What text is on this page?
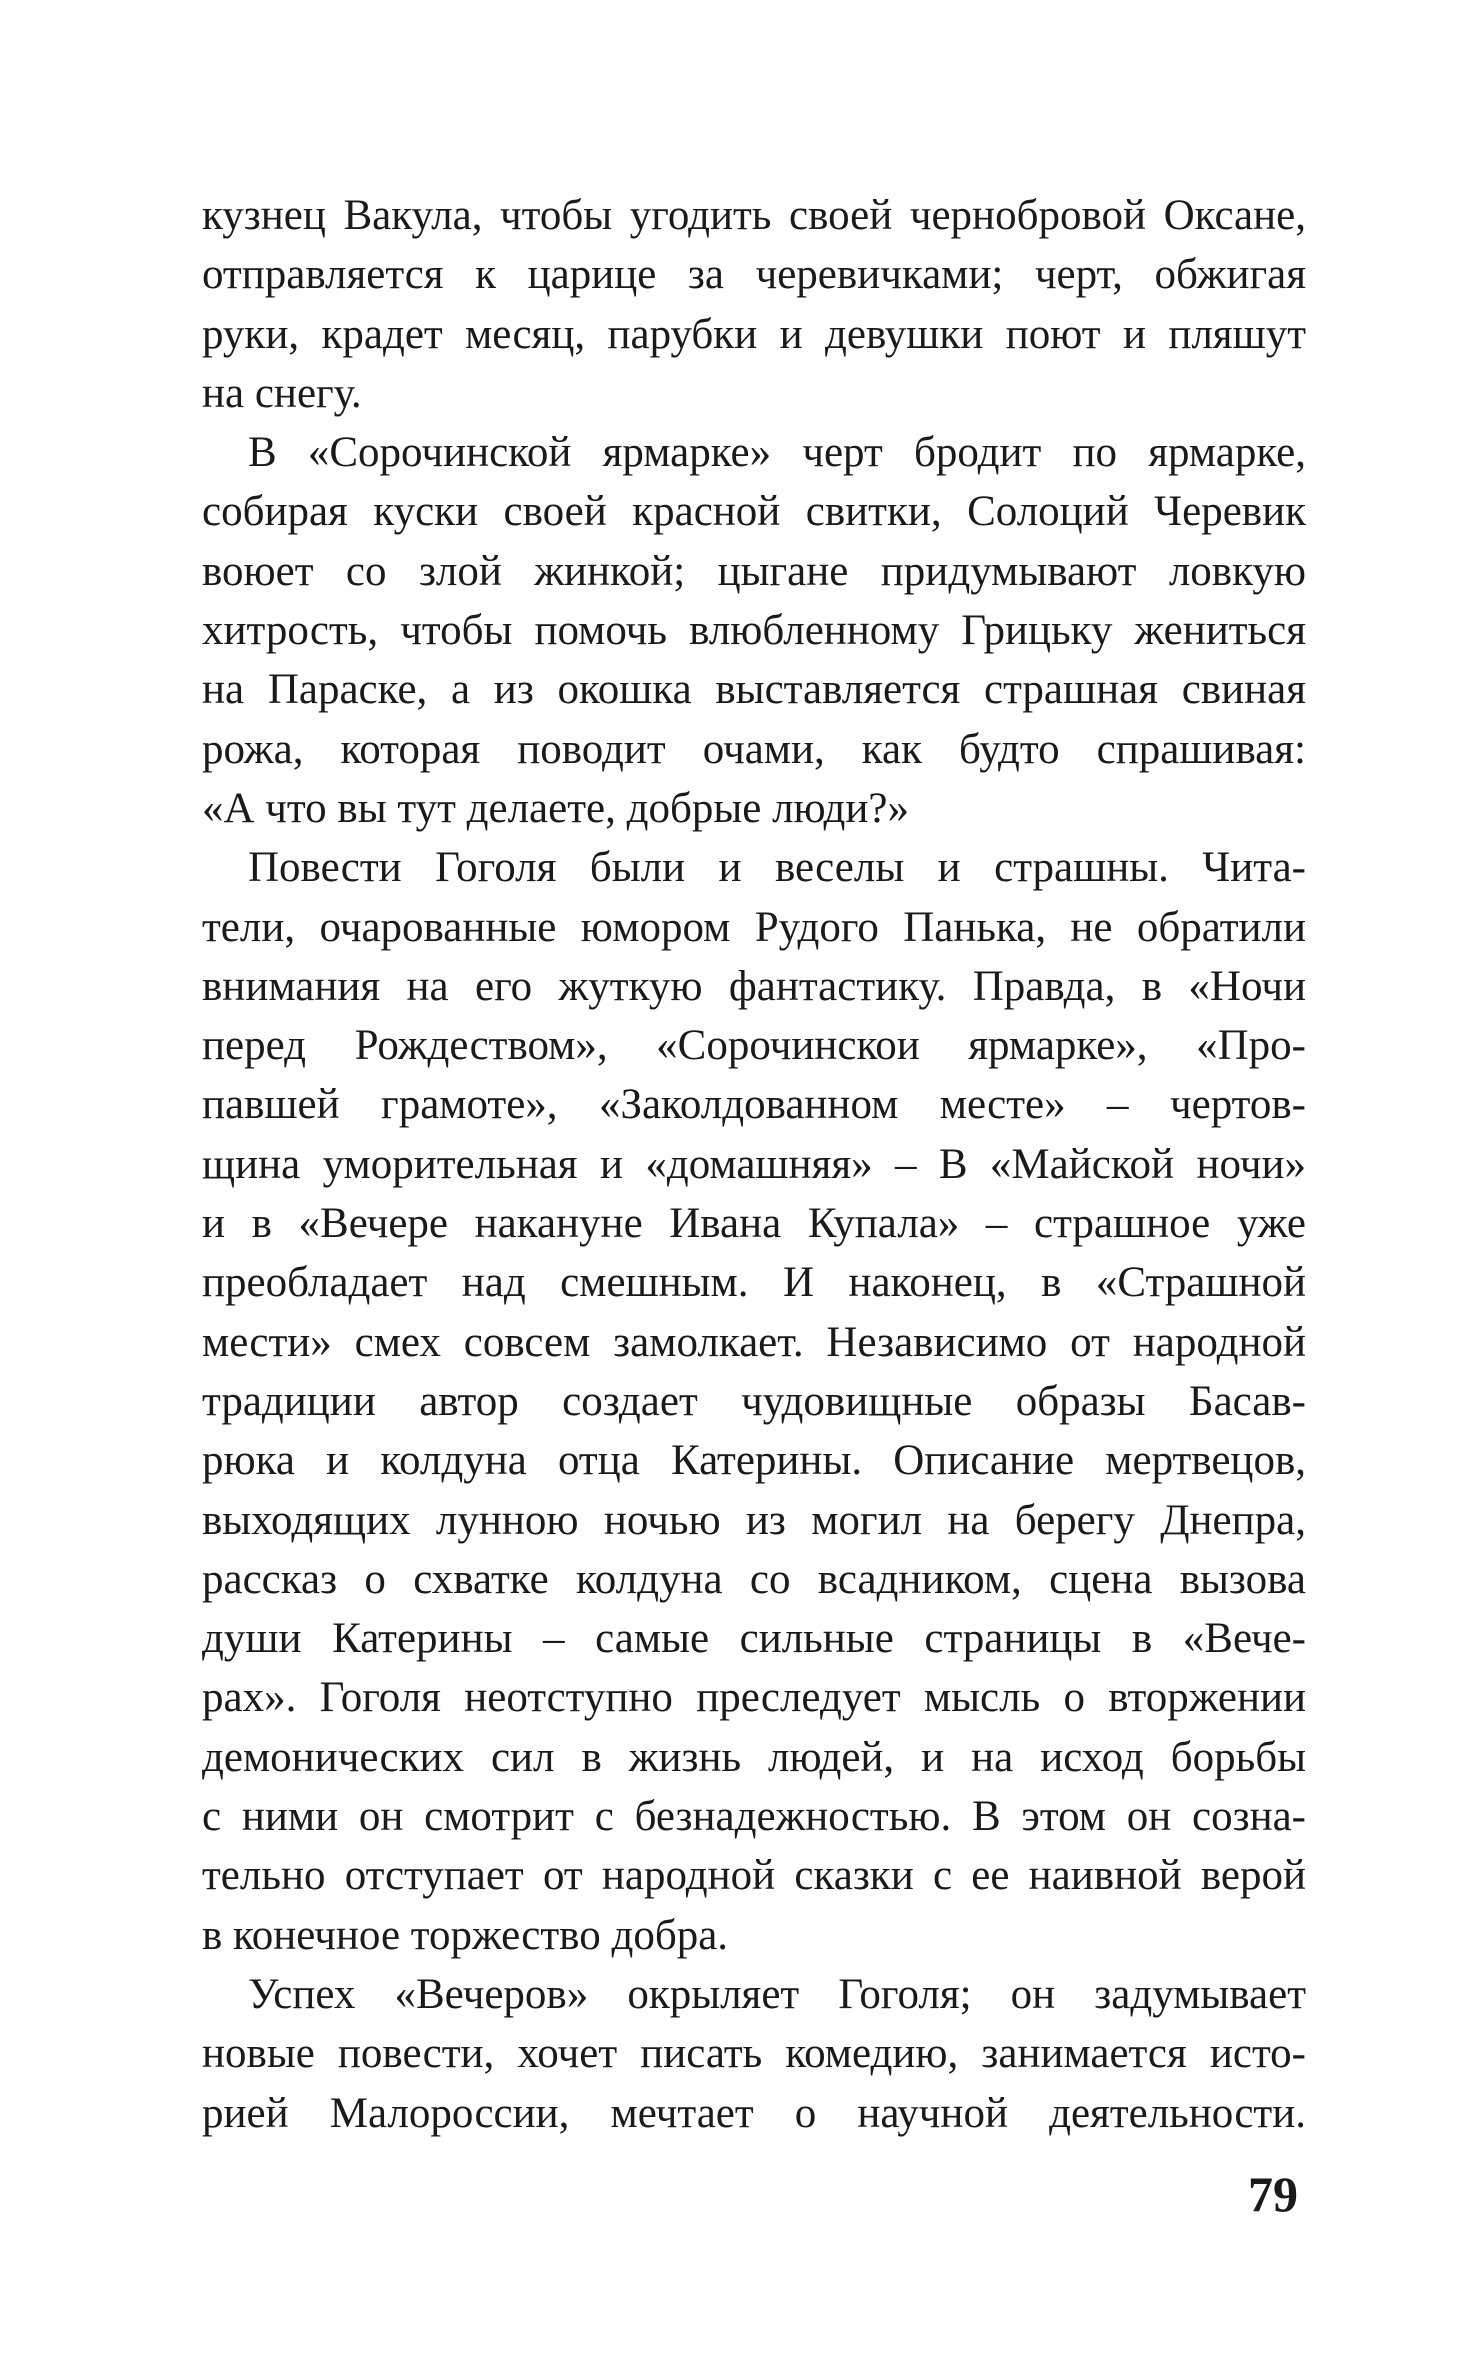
кузнец Вакула, чтобы угодить своей чернобровой Оксане,
отправляется к царице за черевичками; черт, обжигая
руки, крадет месяц, парубки и девушки поют и пляшут
на снегу.
В «Сорочинской ярмарке» черт бродит по ярмарке,
собирая куски своей красной свитки, Солоций Черевик
воюет со злой жинкой; цыгане придумывают ловкую
хитрость, чтобы помочь влюбленному Грицьку жениться
на Параске, а из окошка выставляется страшная свиная
рожа, которая поводит очами, как будто спрашивая:
«А что вы тут делаете, добрые люди?»
Повести Гоголя были и веселы и страшны. Чита-
тели, очарованные юмором Рудого Панька, не обратили
внимания на его жуткую фантастику. Правда, в «Ночи
перед Рождеством», «Сорочинскои ярмарке», «Про-
павшей грамоте», «Заколдованном месте» – чертов-
щина уморительная и «домашняя» – В «Майской ночи»
и в «Вечере накануне Ивана Купала» – страшное уже
преобладает над смешным. И наконец, в «Страшной
мести» смех совсем замолкает. Независимо от народной
традиции автор создает чудовищные образы Басав-
рюка и колдуна отца Катерины. Описание мертвецов,
выходящих лунною ночью из могил на берегу Днепра,
рассказ о схватке колдуна со всадником, сцена вызова
души Катерины – самые сильные страницы в «Вече-
рах». Гоголя неотступно преследует мысль о вторжении
демонических сил в жизнь людей, и на исход борьбы
с ними он смотрит с безнадежностью. В этом он созна-
тельно отступает от народной сказки с ее наивной верой
в конечное торжество добра.
Успех «Вечеров» окрыляет Гоголя; он задумывает
новые повести, хочет писать комедию, занимается исто-
рией Малороссии, мечтает о научной деятельности.
79
